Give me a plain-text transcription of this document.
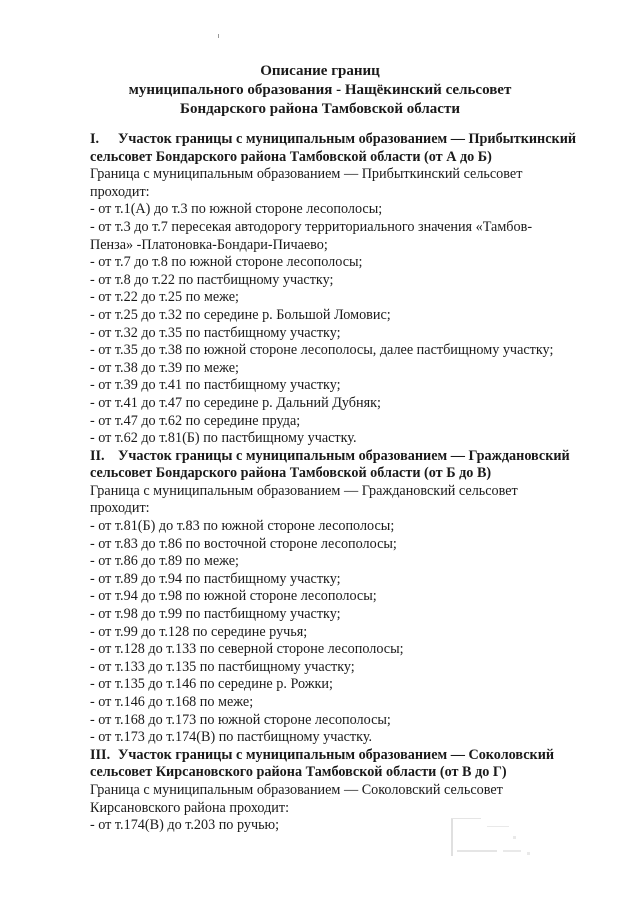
Описание границ
муниципального образования - Нащёкинский сельсовет
Бондарского района Тамбовской области
I. Участок границы с муниципальным образованием — Прибыткинский
сельсовет Бондарского района Тамбовской области (от А до Б)
Граница с муниципальным образованием — Прибыткинский сельсовет
проходит:
- от т.1(А) до т.3 по южной стороне лесополосы;
- от т.3 до т.7 пересекая автодорогу территориального значения «Тамбов-
Пенза» -Платоновка-Бондари-Пичаево;
- от т.7 до т.8 по южной стороне лесополосы;
- от т.8 до т.22 по пастбищному участку;
- от т.22 до т.25 по меже;
- от т.25 до т.32 по середине р. Большой Ломовис;
- от т.32 до т.35 по пастбищному участку;
- от т.35 до т.38 по южной стороне лесополосы, далее пастбищному участку;
- от т.38 до т.39 по меже;
- от т.39 до т.41 по пастбищному участку;
- от т.41 до т.47 по середине р. Дальний Дубняк;
- от т.47 до т.62 по середине пруда;
- от т.62 до т.81(Б) по пастбищному участку.
II. Участок границы с муниципальным образованием — Граждановский
сельсовет Бондарского района Тамбовской области (от Б до В)
Граница с муниципальным образованием — Граждановский сельсовет
проходит:
- от т.81(Б) до т.83 по южной стороне лесополосы;
- от т.83 до т.86 по восточной стороне лесополосы;
- от т.86 до т.89 по меже;
- от т.89 до т.94 по пастбищному участку;
- от т.94 до т.98 по южной стороне лесополосы;
- от т.98 до т.99 по пастбищному участку;
- от т.99 до т.128 по середине ручья;
- от т.128 до т.133 по северной стороне лесополосы;
- от т.133 до т.135 по пастбищному участку;
- от т.135 до т.146 по середине р. Рожки;
- от т.146 до т.168 по меже;
- от т.168 до т.173 по южной стороне лесополосы;
- от т.173 до т.174(В) по пастбищному участку.
III. Участок границы с муниципальным образованием — Соколовский
сельсовет Кирсановского района Тамбовской области (от В до Г)
Граница с муниципальным образованием — Соколовский сельсовет
Кирсановского района проходит:
- от т.174(В) до т.203 по ручью;
